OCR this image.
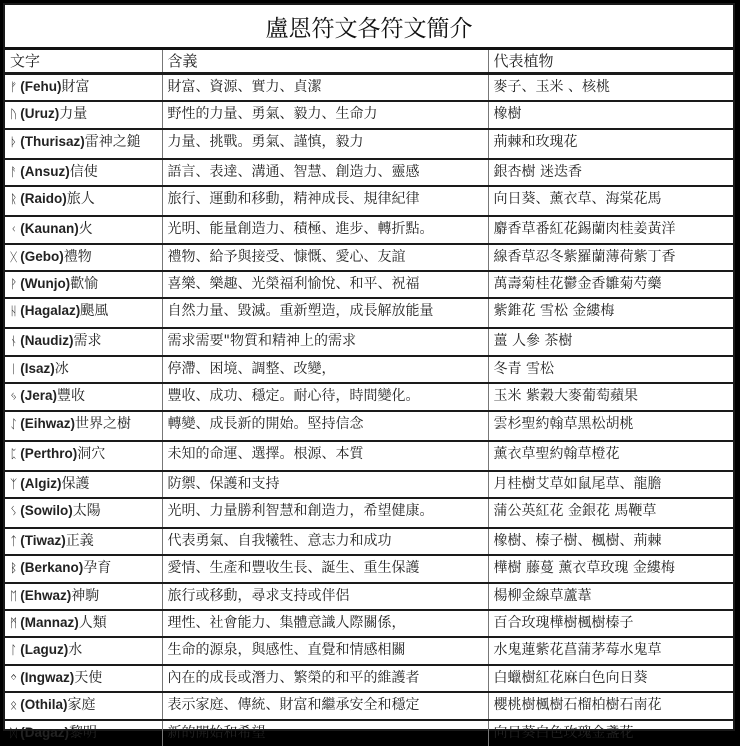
盧恩符文各符文簡介
文字	含義	代表植物
ᚠ (Fehu)財富	財富、資源、實力、貞潔	麥子、玉米 、核桃
ᚢ (Uruz)力量	野性的力量、勇氣、毅力、生命力	橡樹
ᚦ (Thurisaz)雷神之鎚	力量、挑戰。勇氣、謹慎，毅力	荊棘和玫瑰花
ᚨ (Ansuz)信使	語言、表達、溝通、智慧、創造力、靈感	銀杏樹 迷迭香
ᚱ (Raido)旅人	旅行、運動和移動，精神成長、規律紀律	向日葵、薰衣草、海棠花馬
ᚲ (Kaunan)火	光明、能量創造力、積極、進步、轉折點。	麝香草番紅花錫蘭肉桂姜黃洋
ᚷ (Gebo)禮物	禮物、給予與接受、慷慨、愛心、友誼	線香草忍冬紫羅蘭薄荷紫丁香
ᚹ (Wunjo)歡愉	喜樂、樂趣、光榮福利愉悅、和平、祝福	萬壽菊桂花鬱金香雛菊芍藥
ᚺ (Hagalaz)颶風	自然力量、毀滅。重新塑造，成長解放能量	紫錐花 雪松 金縷梅
ᚾ (Naudiz)需求	需求需要"物質和精神上的需求	薑 人參 茶樹
ᛁ (Isaz)冰	停滯、困境、調整、改變，	冬青 雪松
ᛃ (Jera)豐收	豐收、成功、穩定。耐心待，時間變化。	玉米 紫穀大麥葡萄蘋果
ᛇ (Eihwaz)世界之樹	轉變、成長新的開始。堅持信念	雲杉聖約翰草黑松胡桃
ᛈ (Perthro)洞穴	未知的命運、選擇。根源、本質	薰衣草聖約翰草橙花
ᛉ (Algiz)保護	防禦、保護和支持	月桂樹艾草如鼠尾草、龍膽
ᛊ (Sowilo)太陽	光明、力量勝利智慧和創造力，希望健康。	蒲公英紅花 金銀花 馬鞭草
ᛏ (Tiwaz)正義	代表勇氣、自我犧牲、意志力和成功	橡樹、榛子樹、楓樹、荊棘
ᛒ (Berkano)孕育	愛情、生產和豐收生長、誕生、重生保護	樺樹 藤蔓 薰衣草玫瑰 金縷梅
ᛖ (Ehwaz)神駒	旅行或移動，尋求支持或伴侶	楊柳金線草蘆葦
ᛗ (Mannaz)人類	理性、社會能力、集體意識人際關係，	百合玫瑰樺樹楓樹榛子
ᛚ (Laguz)水	生命的源泉，與感性、直覺和情感相關	水鬼蓮紫花菖蒲茅莓水鬼草
ᛜ (Ingwaz)天使	內在的成長或潛力、繁榮的和平的維護者	白蠟樹紅花麻白色向日葵
ᛟ (Othila)家庭	表示家庭、傳統、財富和繼承安全和穩定	櫻桃樹楓樹石榴柏樹石南花
ᛞ (Dagaz)黎明	新的開始和希望	向日葵白色玫瑰金盞花
